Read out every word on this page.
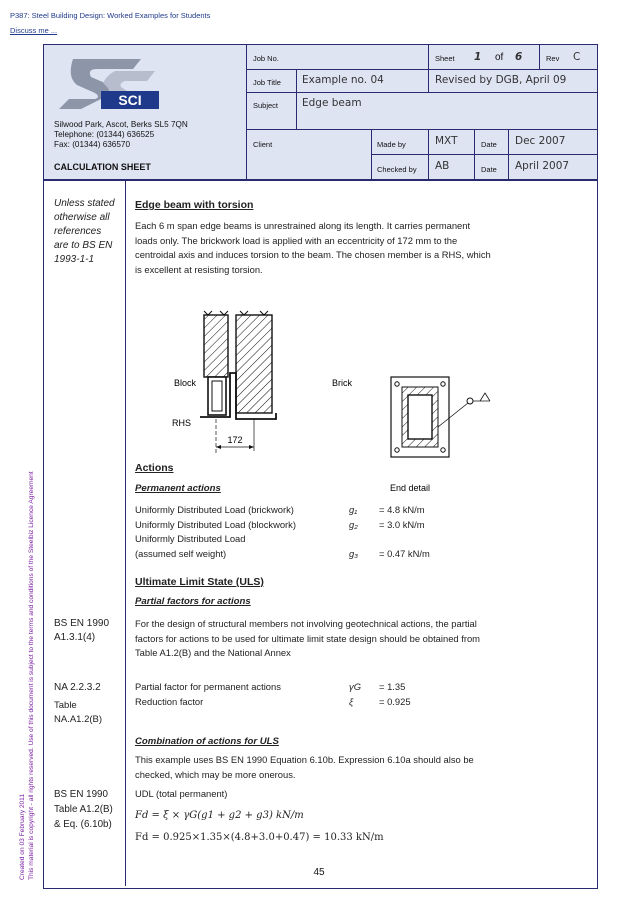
P387: Steel Building Design: Worked Examples for Students
Discuss me ...
Created on 03 February 2011 This material is copyright - all rights reserved. Use of this document is subject to the terms and conditions of the Steelbiz Licence Agreement
SCI
Silwood Park, Ascot, Berks SL5 7QN
Telephone: (01344) 636525
Fax: (01344) 636570
CALCULATION SHEET
Job No.	Sheet 1 of 6	Rev C
Job Title Example no. 04	Revised by DGB, April 09
Subject Edge beam
Client	Made by	MXT	Date Dec 2007
Checked by AB	Date April 2007
Unless stated
otherwise all
references
are to BS EN
1993-1-1
BS EN 1990
A1.3.1(4)
NA 2.2.3.2
Table
NA.A1.2(B)
BS EN 1990
Table A1.2(B)
& Eq. (6.10b)
Edge beam with torsion
Each 6 m span edge beams is unrestrained along its length. It carries permanent loads only. The brickwork load is applied with an eccentricity of 172 mm to the centroidal axis and induces torsion to the beam. The chosen member is a RHS, which is excellent at resisting torsion.
Block	Brick
RHS
172
End detail
Actions
Permanent actions
Uniformly Distributed Load (brickwork)	g₁ = 4.8 kN/m
Uniformly Distributed Load (blockwork)	g₂ = 3.0 kN/m
Uniformly Distributed Load
(assumed self weight)	g₃ = 0.47 kN/m
Ultimate Limit State (ULS)
Partial factors for actions
For the design of structural members not involving geotechnical actions, the partial factors for actions to be used for ultimate limit state design should be obtained from Table A1.2(B) and the National Annex
Partial factor for permanent actions	γG = 1.35
Reduction factor	ξ	= 0.925
Combination of actions for ULS
This example uses BS EN 1990 Equation 6.10b. Expression 6.10a should also be checked, which may be more onerous.
UDL (total permanent)
Fd = ξ × γG(g1 + g2 + g3) kN/m
Fd = 0.925×1.35×(4.8+3.0+0.47) = 10.33 kN/m
45
